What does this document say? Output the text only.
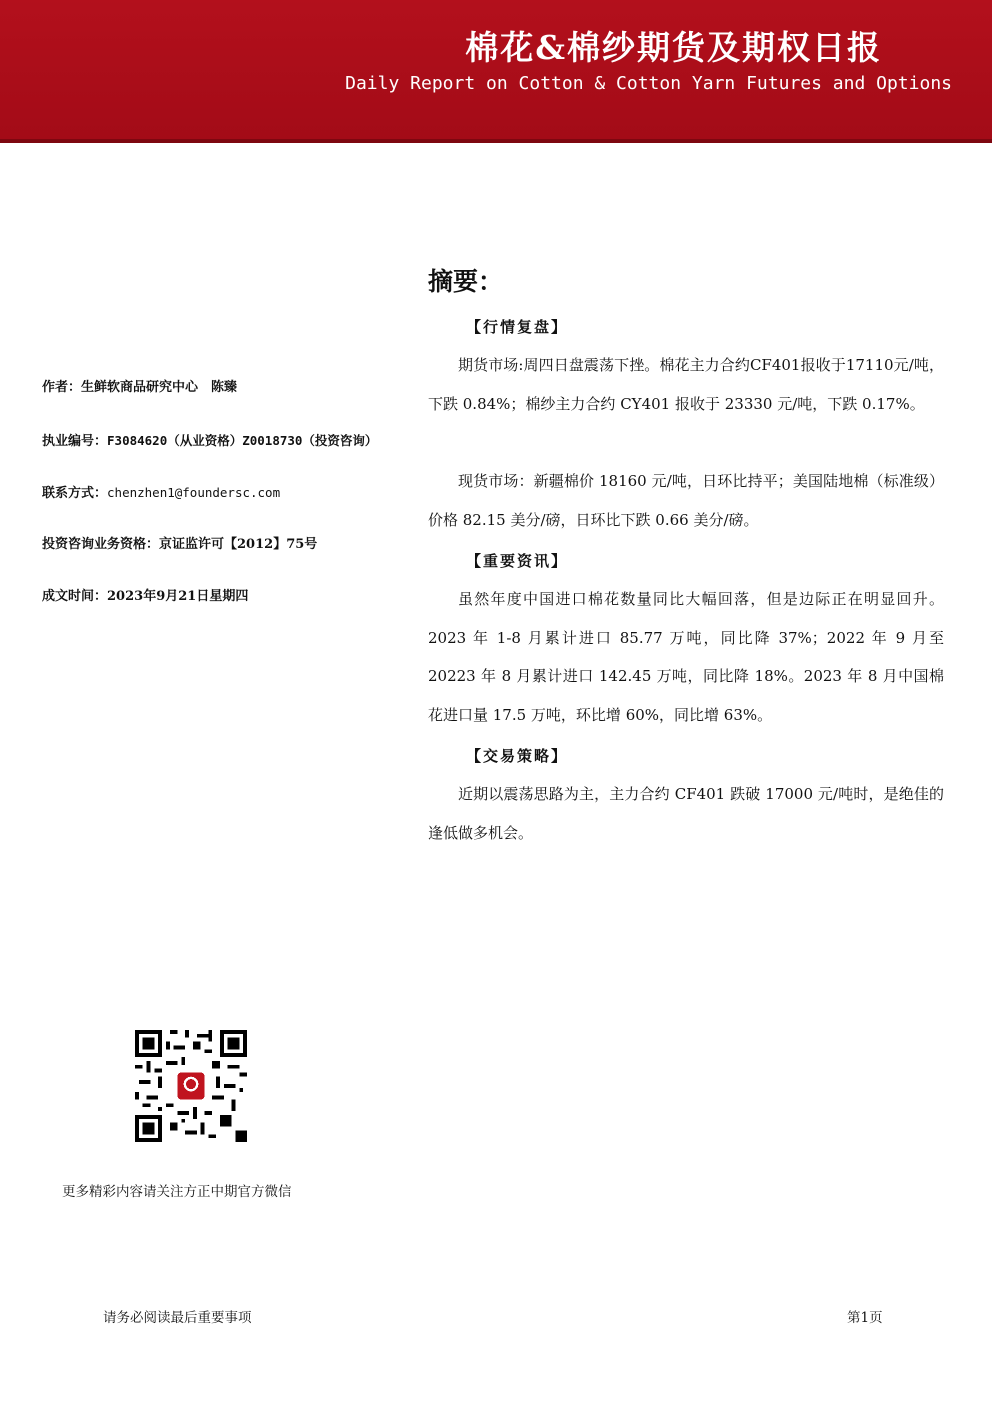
棉花&棉纱期货及期权日报
Daily Report on Cotton & Cotton Yarn Futures and Options
作者：生鲜软商品研究中心　陈臻
执业编号：F3084620（从业资格）Z0018730（投资咨询）
联系方式：chenzhen1@foundersc.com
投资咨询业务资格：京证监许可【2012】75号
成文时间：2023年9月21日星期四
摘要：
【行情复盘】

期货市场:周四日盘震荡下挫。棉花主力合约CF401报收于17110元/吨，下跌 0.84%；棉纱主力合约 CY401 报收于 23330 元/吨，下跌 0.17%。

现货市场：新疆棉价 18160 元/吨，日环比持平；美国陆地棉（标准级）价格 82.15 美分/磅，日环比下跌 0.66 美分/磅。

【重要资讯】

虽然年度中国进口棉花数量同比大幅回落，但是边际正在明显回升。2023 年 1-8 月累计进口 85.77 万吨，同比降 37%；2022 年 9 月至 20223 年 8 月累计进口 142.45 万吨，同比降 18%。2023 年 8 月中国棉花进口量 17.5 万吨，环比增 60%，同比增 63%。

【交易策略】

近期以震荡思路为主，主力合约 CF401 跌破 17000 元/吨时，是绝佳的逢低做多机会。

更多精彩内容请关注方正中期官方微信
请务必阅读最后重要事项	第1页
